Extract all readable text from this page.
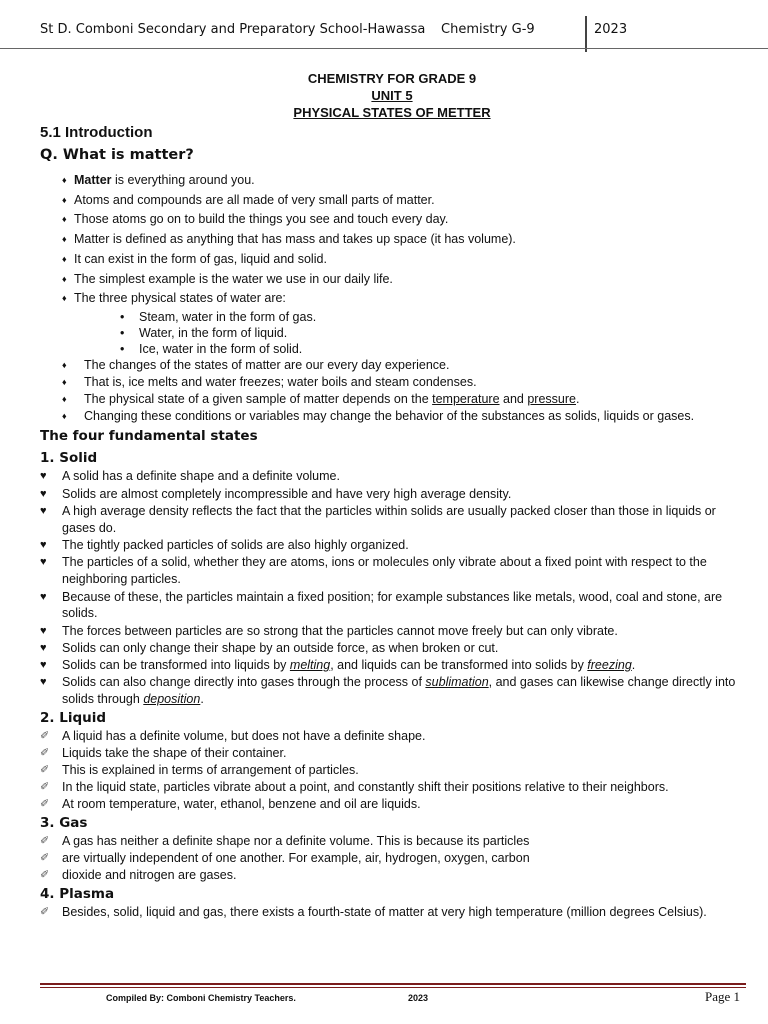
St D. Comboni Secondary and Preparatory School-Hawassa Chemistry G-9	2023
CHEMISTRY FOR GRADE 9
UNIT 5
PHYSICAL STATES OF METTER
5.1 Introduction
Q. What is matter?
♦ Matter is everything around you.
♦ Atoms and compounds are all made of very small parts of matter.
♦ Those atoms go on to build the things you see and touch every day.
♦ Matter is defined as anything that has mass and takes up space (it has volume).
♦ It can exist in the form of gas, liquid and solid.
♦ The simplest example is the water we use in our daily life.
♦ The three physical states of water are:
• Steam, water in the form of gas.
• Water, in the form of liquid.
• Ice, water in the form of solid.
♦ The changes of the states of matter are our every day experience.
♦ That is, ice melts and water freezes; water boils and steam condenses.
♦ The physical state of a given sample of matter depends on the temperature and pressure.
♦ Changing these conditions or variables may change the behavior of the substances as solids, liquids or gases.
The four fundamental states
1. Solid
♥ A solid has a definite shape and a definite volume.
♥ Solids are almost completely incompressible and have very high average density.
♥ A high average density reflects the fact that the particles within solids are usually packed closer than those in liquids or gases do.
♥ The tightly packed particles of solids are also highly organized.
♥ The particles of a solid, whether they are atoms, ions or molecules only vibrate about a fixed point with respect to the neighboring particles.
♥ Because of these, the particles maintain a fixed position; for example substances like metals, wood, coal and stone, are solids.
♥ The forces between particles are so strong that the particles cannot move freely but can only vibrate.
♥ Solids can only change their shape by an outside force, as when broken or cut.
♥ Solids can be transformed into liquids by melting, and liquids can be transformed into solids by freezing.
♥ Solids can also change directly into gases through the process of sublimation, and gases can likewise change directly into solids through deposition.
2. Liquid
✐ A liquid has a definite volume, but does not have a definite shape.
✐ Liquids take the shape of their container.
✐ This is explained in terms of arrangement of particles.
✐ In the liquid state, particles vibrate about a point, and constantly shift their positions relative to their neighbors.
✐ At room temperature, water, ethanol, benzene and oil are liquids.
3. Gas
✐ A gas has neither a definite shape nor a definite volume. This is because its particles
✐ are virtually independent of one another. For example, air, hydrogen, oxygen, carbon
✐ dioxide and nitrogen are gases.
4. Plasma
✐ Besides, solid, liquid and gas, there exists a fourth-state of matter at very high temperature (million degrees Celsius).
Compiled By: Comboni Chemistry Teachers.	2023	Page 1
